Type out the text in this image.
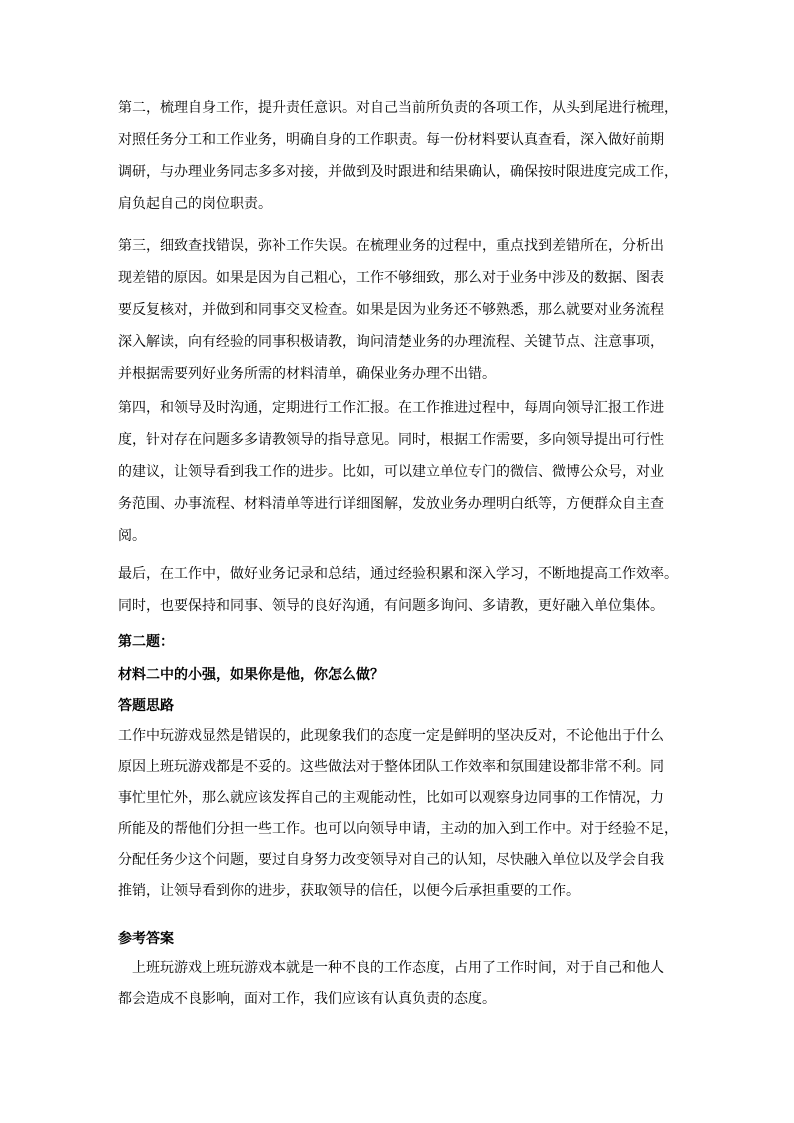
第二，梳理自身工作，提升责任意识。对自己当前所负责的各项工作，从头到尾进行梳理，
对照任务分工和工作业务，明确自身的工作职责。每一份材料要认真查看，深入做好前期
调研，与办理业务同志多多对接，并做到及时跟进和结果确认，确保按时限进度完成工作，
肩负起自己的岗位职责。
第三，细致查找错误，弥补工作失误。在梳理业务的过程中，重点找到差错所在，分析出
现差错的原因。如果是因为自己粗心，工作不够细致，那么对于业务中涉及的数据、图表
要反复核对，并做到和同事交叉检查。如果是因为业务还不够熟悉，那么就要对业务流程
深入解读，向有经验的同事积极请教，询问清楚业务的办理流程、关键节点、注意事项，
并根据需要列好业务所需的材料清单，确保业务办理不出错。
第四，和领导及时沟通，定期进行工作汇报。在工作推进过程中，每周向领导汇报工作进
度，针对存在问题多多请教领导的指导意见。同时，根据工作需要，多向领导提出可行性
的建议，让领导看到我工作的进步。比如，可以建立单位专门的微信、微博公众号，对业
务范围、办事流程、材料清单等进行详细图解，发放业务办理明白纸等，方便群众自主查
阅。
最后，在工作中，做好业务记录和总结，通过经验积累和深入学习，不断地提高工作效率。
同时，也要保持和同事、领导的良好沟通，有问题多询问、多请教，更好融入单位集体。
第二题：
材料二中的小强，如果你是他，你怎么做？
答题思路
工作中玩游戏显然是错误的，此现象我们的态度一定是鲜明的坚决反对，不论他出于什么
原因上班玩游戏都是不妥的。这些做法对于整体团队工作效率和氛围建设都非常不利。同
事忙里忙外，那么就应该发挥自己的主观能动性，比如可以观察身边同事的工作情况，力
所能及的帮他们分担一些工作。也可以向领导申请，主动的加入到工作中。对于经验不足，
分配任务少这个问题，要过自身努力改变领导对自己的认知，尽快融入单位以及学会自我
推销，让领导看到你的进步，获取领导的信任，以便今后承担重要的工作。
参考答案
　上班玩游戏上班玩游戏本就是一种不良的工作态度，占用了工作时间，对于自己和他人
都会造成不良影响，面对工作，我们应该有认真负责的态度。
